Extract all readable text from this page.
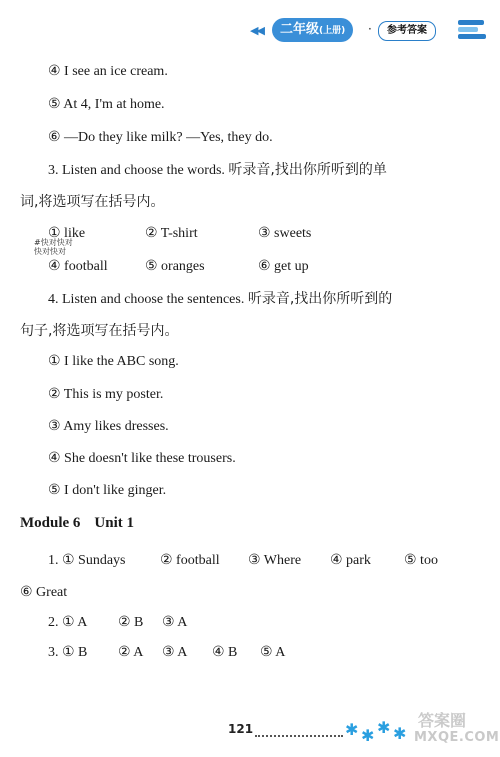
◀◀	二年级(上册)	·	参考答案
④ I see an ice cream.
⑤ At 4, I'm at home.
⑥ —Do they like milk? —Yes, they do.
3. Listen and choose the words. 听录音,找出你所听到的单
词,将选项写在括号内。
① like	② T-shirt	③ sweets
#快对快对
快对快对
④ football	⑤ oranges	⑥ get up
4. Listen and choose the sentences. 听录音,找出你所听到的
句子,将选项写在括号内。
① I like the ABC song.
② This is my poster.
③ Amy likes dresses.
④ She doesn't like these trousers.
⑤ I don't like ginger.
Module 6 Unit 1
1. ① Sundays ② football ③ Where ④ park ⑤ too
⑥ Great
2. ① A ② B ③ A
3. ① B ② A ③ A ④ B ⑤ A
121	✱ ✱ ✱ ✱
答案圈
MXQE.COM
